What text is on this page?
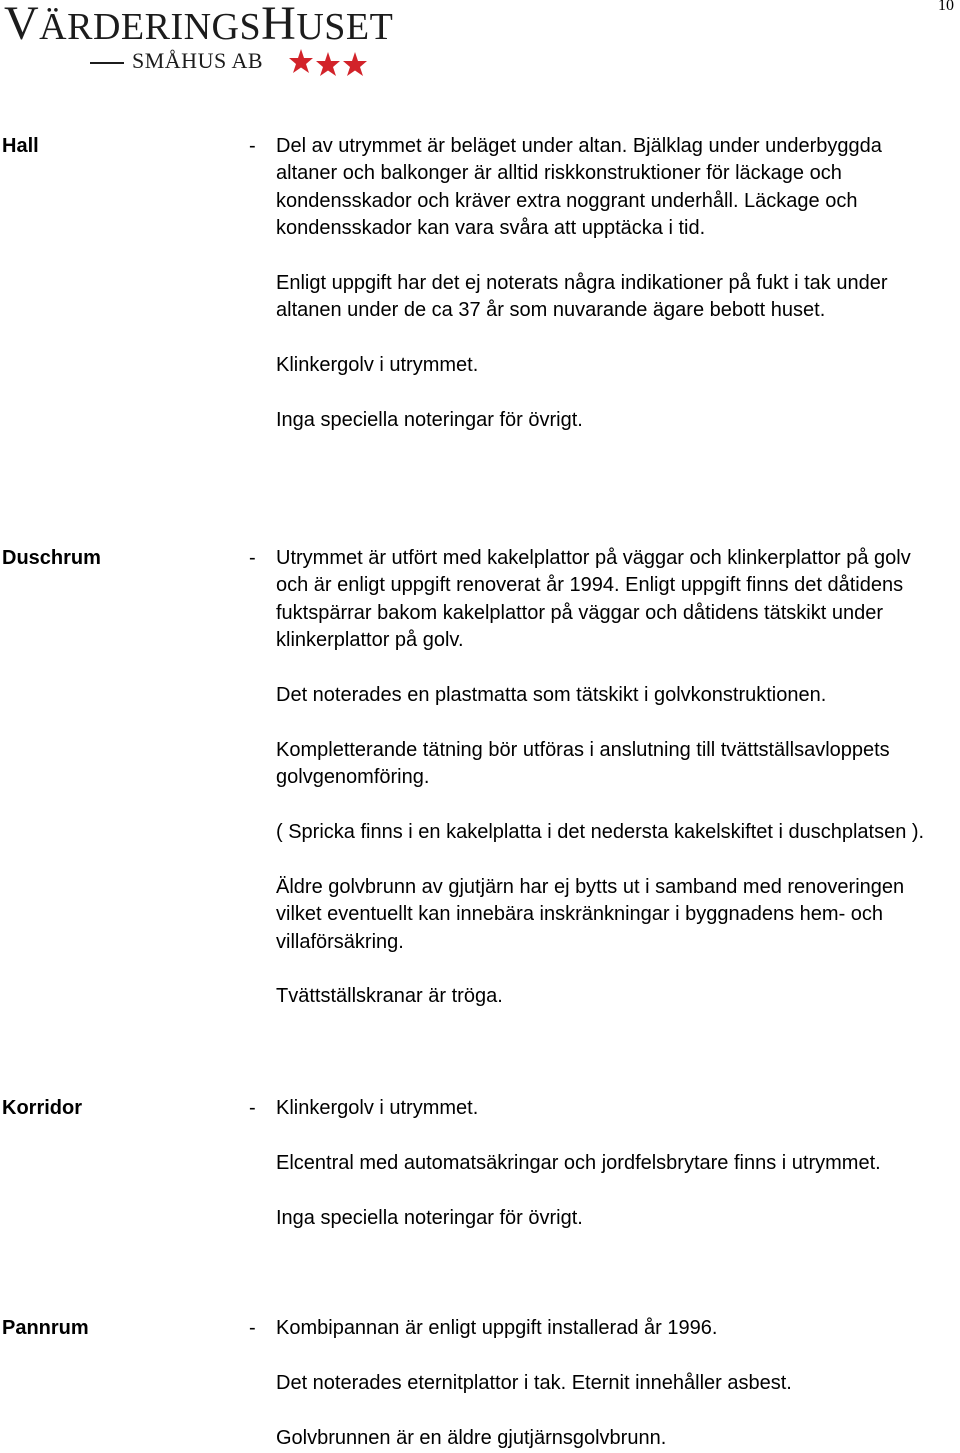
VÄRDERINGSHUSET
SMÅHUS AB
10
Hall	- Del av utrymmet är beläget under altan. Bjälklag under underbyggda altaner och balkonger är alltid riskkonstruktioner för läckage och kondensskador och kräver extra noggrant underhåll. Läckage och kondensskador kan vara svåra att upptäcka i tid.

Enligt uppgift har det ej noterats några indikationer på fukt i tak under altanen under de ca 37 år som nuvarande ägare bebott huset.

Klinkergolv i utrymmet.

Inga speciella noteringar för övrigt.

Duschrum	- Utrymmet är utfört med kakelplattor på väggar och klinkerplattor på golv och är enligt uppgift renoverat år 1994. Enligt uppgift finns det dåtidens fuktspärrar bakom kakelplattor på väggar och dåtidens tätskikt under klinkerplattor på golv.

Det noterades en plastmatta som tätskikt i golvkonstruktionen.

Kompletterande tätning bör utföras i anslutning till tvättställsavloppets golvgenomföring.

( Spricka finns i en kakelplatta i det nedersta kakelskiftet i duschplatsen ).

Äldre golvbrunn av gjutjärn har ej bytts ut i samband med renoveringen vilket eventuellt kan innebära inskränkningar i byggnadens hem- och villaförsäkring.

Tvättställskranar är tröga.

Korridor	- Klinkergolv i utrymmet.

Elcentral med automatsäkringar och jordfelsbrytare finns i utrymmet.

Inga speciella noteringar för övrigt.

Pannrum	- Kombipannan är enligt uppgift installerad år 1996.

Det noterades eternitplattor i tak. Eternit innehåller asbest.

Golvbrunnen är en äldre gjutjärnsgolvbrunn.
